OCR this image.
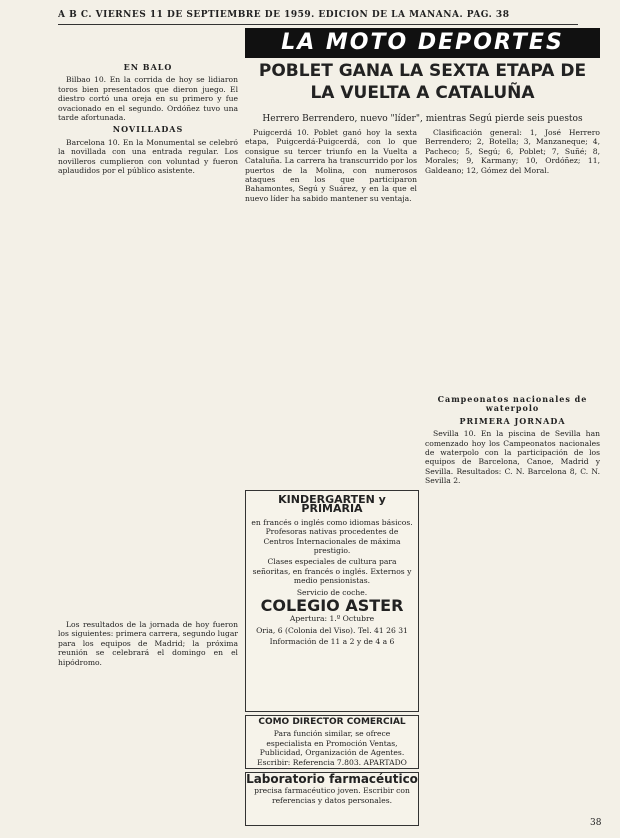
A B C. VIERNES 11 DE SEPTIEMBRE DE 1959. EDICION DE LA MAÑANA. PAG. 38
EN BALO

Bilbao 10. En la corrida de hoy se lidiaron toros bien presentados que dieron juego. El diestro cortó una oreja en su primero y fue ovacionado en el segundo. Ordóñez tuvo una tarde afortunada.

NOVILLADAS

Barcelona 10. En la Monumental se celebró la novillada con una entrada regular. Los novilleros cumplieron con voluntad y fueron aplaudidos por el público asistente.

Los resultados de la jornada de hoy fueron los siguientes: primera carrera, segundo lugar para los equipos de Madrid; la próxima reunión se celebrará el domingo en el hipódromo.

LA MOTO DEPORTES
POBLET GANA LA SEXTA ETAPA DE LA VUELTA A CATALUÑA
Herrero Berrendero, nuevo "líder", mientras Segú pierde seis puestos

Puigcerdá 10. Poblet ganó hoy la sexta etapa, Puigcerdá-Puigcerdá, con lo que consigue su tercer triunfo en la Vuelta a Cataluña. La carrera ha transcurrido por los puertos de la Molina, con numerosos ataques en los que participaron Bahamontes, Segú y Suárez, y en la que el nuevo líder ha sabido mantener su ventaja.

Clasificación general: 1, José Herrero Berrendero; 2, Botella; 3, Manzaneque; 4, Pacheco; 5, Segú; 6, Poblet; 7, Suñé; 8, Morales; 9, Karmany; 10, Ordóñez; 11, Galdeano; 12, Gómez del Moral.

Campeonatos nacionales de waterpolo
PRIMERA JORNADA

Sevilla 10. En la piscina de Sevilla han comenzado hoy los Campeonatos nacionales de waterpolo con la participación de los equipos de Barcelona, Canoe, Madrid y Sevilla. Resultados: C. N. Barcelona 8, C. N. Sevilla 2.

KINDERGARTEN y PRIMARIA
en francés o inglés como idiomas básicos. Profesoras nativas procedentes de Centros Internacionales de máxima prestigio.
Clases especiales de cultura para señoritas, en francés o inglés. Externos y medio pensionistas.
Servicio de coche.
COLEGIO ASTER
Apertura: 1.º Octubre
Oria, 6 (Colonia del Viso). Tel. 41 26 31
Información de 11 a 2 y de 4 a 6
COMO DIRECTOR COMERCIAL
Para función similar, se ofrece especialista en Promoción Ventas, Publicidad, Organización de Agentes. Escribir: Referencia 7.803. APARTADO
Laboratorio farmacéutico
precisa farmacéutico joven. Escribir con referencias y datos personales.
38
